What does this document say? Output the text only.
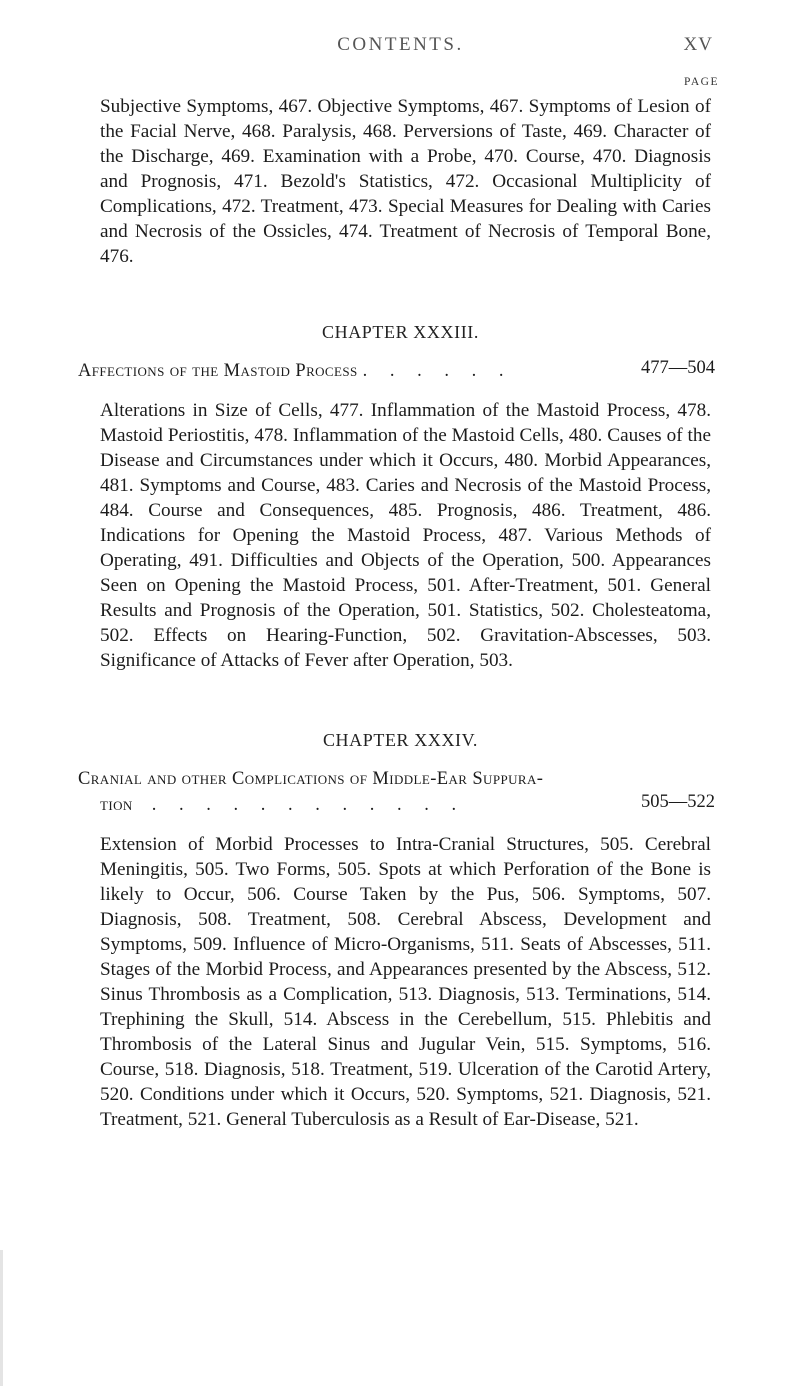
CONTENTS.	XV
PAGE

Subjective Symptoms, 467. Objective Symptoms, 467. Symptoms of Lesion of the Facial Nerve, 468. Paralysis, 468. Perversions of Taste, 469. Character of the Discharge, 469. Examination with a Probe, 470. Course, 470. Diagnosis and Prognosis, 471. Bezold's Statistics, 472. Occasional Multiplicity of Complications, 472. Treatment, 473. Special Measures for Dealing with Caries and Necrosis of the Ossicles, 474. Treatment of Necrosis of Temporal Bone, 476.

CHAPTER XXXIII.
Affections of the Mastoid Process . . . . . .	477—504

Alterations in Size of Cells, 477. Inflammation of the Mastoid Process, 478. Mastoid Periostitis, 478. Inflammation of the Mastoid Cells, 480. Causes of the Disease and Circumstances under which it Occurs, 480. Morbid Appearances, 481. Symptoms and Course, 483. Caries and Necrosis of the Mastoid Process, 484. Course and Consequences, 485. Prognosis, 486. Treatment, 486. Indications for Opening the Mastoid Process, 487. Various Methods of Operating, 491. Difficulties and Objects of the Operation, 500. Appearances Seen on Opening the Mastoid Process, 501. After-Treatment, 501. General Results and Prognosis of the Operation, 501. Statistics, 502. Cholesteatoma, 502. Effects on Hearing-Function, 502. Gravitation-Abscesses, 503. Significance of Attacks of Fever after Operation, 503.

CHAPTER XXXIV.
Cranial and other Complications of Middle-Ear Suppura-
tion . . . . . . . . . . . .	505—522

Extension of Morbid Processes to Intra-Cranial Structures, 505. Cerebral Meningitis, 505. Two Forms, 505. Spots at which Perforation of the Bone is likely to Occur, 506. Course Taken by the Pus, 506. Symptoms, 507. Diagnosis, 508. Treatment, 508. Cerebral Abscess, Development and Symptoms, 509. Influence of Micro-Organisms, 511. Seats of Abscesses, 511. Stages of the Morbid Process, and Appearances presented by the Abscess, 512. Sinus Thrombosis as a Complication, 513. Diagnosis, 513. Terminations, 514. Trephining the Skull, 514. Abscess in the Cerebellum, 515. Phlebitis and Thrombosis of the Lateral Sinus and Jugular Vein, 515. Symptoms, 516. Course, 518. Diagnosis, 518. Treatment, 519. Ulceration of the Carotid Artery, 520. Conditions under which it Occurs, 520. Symptoms, 521. Diagnosis, 521. Treatment, 521. General Tuberculosis as a Result of Ear-Disease, 521.
